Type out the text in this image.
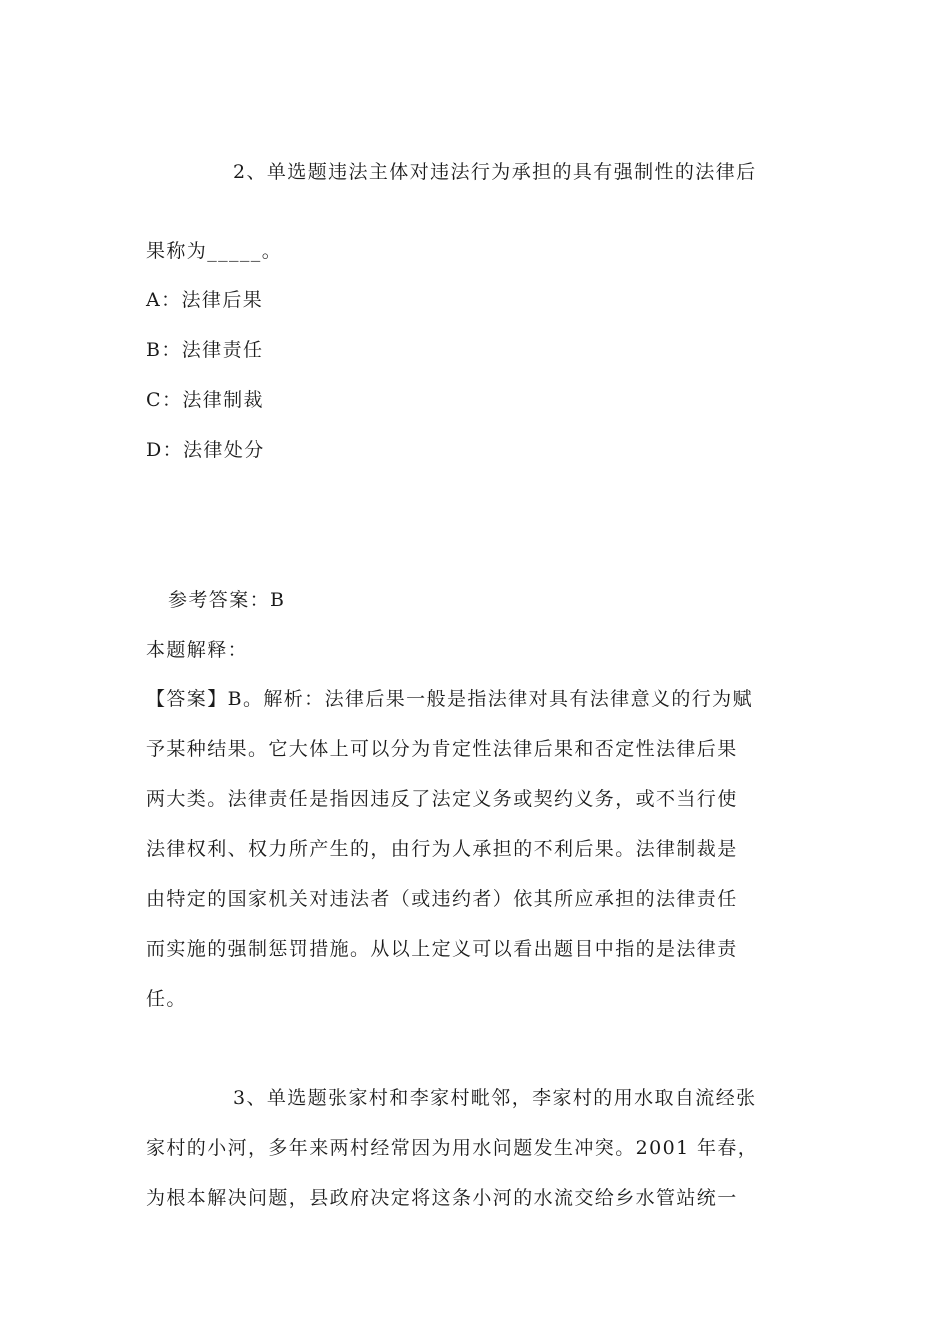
2、单选题违法主体对违法行为承担的具有强制性的法律后
果称为_____。
A：法律后果
B：法律责任
C：法律制裁
D：法律处分
参考答案：B
本题解释：
【答案】B。解析：法律后果一般是指法律对具有法律意义的行为赋
予某种结果。它大体上可以分为肯定性法律后果和否定性法律后果
两大类。法律责任是指因违反了法定义务或契约义务，或不当行使
法律权利、权力所产生的，由行为人承担的不利后果。法律制裁是
由特定的国家机关对违法者（或违约者）依其所应承担的法律责任
而实施的强制惩罚措施。从以上定义可以看出题目中指的是法律责
任。
3、单选题张家村和李家村毗邻，李家村的用水取自流经张
家村的小河，多年来两村经常因为用水问题发生冲突。2001 年春，
为根本解决问题，县政府决定将这条小河的水流交给乡水管站统一
